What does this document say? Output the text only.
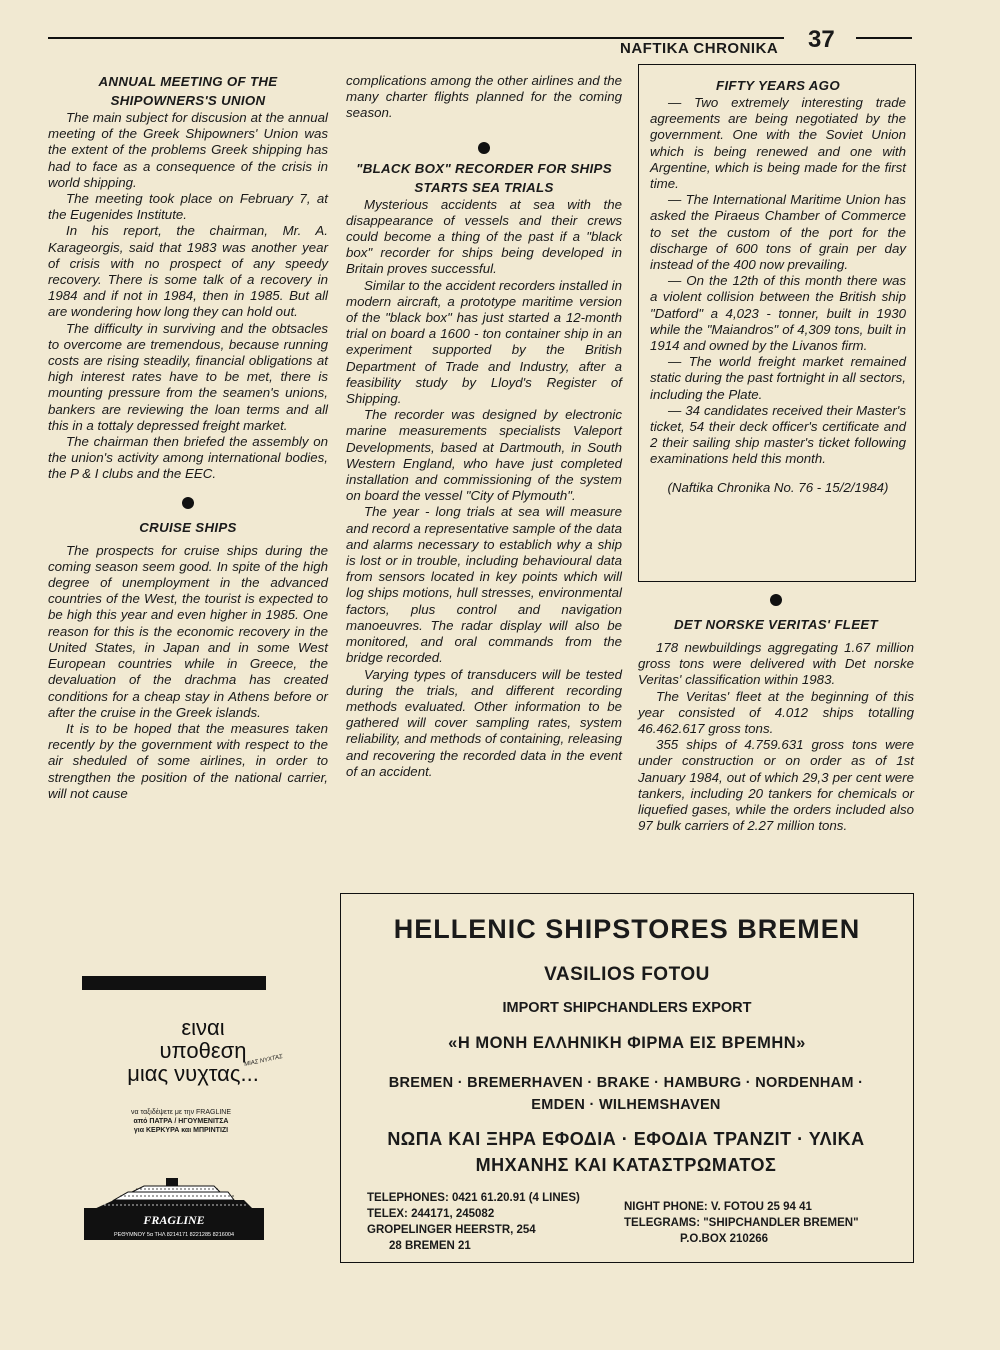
NAFTIKA CHRONIKA 37

ANNUAL MEETING OF THE

SHIPOWNERS'S UNION

The main subject for discusion at the annual meeting of the Greek Shipowners' Union was the extent of the problems Greek shipping has had to face as a consequence of the crisis in world shipping.

The meeting took place on February 7, at the Eugenides Institute.

In his report, the chairman, Mr. A. Karageorgis, said that 1983 was another year of crisis with no prospect of any speedy recovery. There is some talk of a recovery in 1984 and if not in 1984, then in 1985. But all are wondering how long they can hold out.

The difficulty in surviving and the obtsacles to overcome are tremendous, because running costs are rising steadily, financial obligations at high interest rates have to be met, there is mounting pressure from the seamen's unions, bankers are reviewing the loan terms and all this in a tottaly depressed freight market.

The chairman then briefed the assembly on the union's activity among international bodies, the P & I clubs and the EEC.

CRUISE SHIPS

The prospects for cruise ships during the coming season seem good. In spite of the high degree of unemployment in the advanced countries of the West, the tourist is expected to be high this year and even higher in 1985. One reason for this is the economic recovery in the United States, in Japan and in some West European countries while in Greece, the devaluation of the drachma has created conditions for a cheap stay in Athens before or after the cruise in the Greek islands.

It is to be hoped that the measures taken recently by the government with respect to the air sheduled of some airlines, in order to strengthen the position of the national carrier, will not cause

complications among the other airlines and the many charter flights planned for the coming season.

"BLACK BOX" RECORDER FOR SHIPS

STARTS SEA TRIALS

Mysterious accidents at sea with the disappearance of vessels and their crews could become a thing of the past if a "black box" recorder for ships being developed in Britain proves successful.

Similar to the accident recorders installed in modern aircraft, a prototype maritime version of the "black box" has just started a 12-month trial on board a 1600 - ton container ship in an experiment supported by the British Department of Trade and Industry, after a feasibility study by Lloyd's Register of Shipping.

The recorder was designed by electronic marine measurements specialists Valeport Developments, based at Dartmouth, in South Western England, who have just completed installation and commissioning of the system on board the vessel "City of Plymouth".

The year - long trials at sea will measure and record a representative sample of the data and alarms necessary to establich why a ship is lost or in trouble, including behavioural data from sensors located in key points which will log ships motions, hull stresses, environmental factors, plus control and navigation manoeuvres. The radar display will also be monitored, and oral commands from the bridge recorded.

Varying types of transducers will be tested during the trials, and different recording methods evaluated. Other information to be gathered will cover sampling rates, system reliability, and methods of containing, releasing and recovering the recorded data in the event of an accident.

FIFTY YEARS AGO

— Two extremely interesting trade agreements are being negotiated by the government. One with the Soviet Union which is being renewed and one with Argentine, which is being made for the first time.

— The International Maritime Union has asked the Piraeus Chamber of Commerce to set the custom of the port for the discharge of 600 tons of grain per day instead of the 400 now prevailing.

— On the 12th of this month there was a violent collision between the British ship "Datford" a 4,023 - tonner, built in 1930 while the "Maiandros" of 4,309 tons, built in 1914 and owned by the Livanos firm.

— The world freight market remained static during the past fortnight in all sectors, including the Plate.

— 34 candidates received their Master's ticket, 54 their deck officer's certificate and 2 their sailing ship master's ticket following examinations held this month.

(Naftika Chronika No. 76 - 15/2/1984)

DET NORSKE VERITAS' FLEET

178 newbuildings aggregating 1.67 million gross tons were delivered with Det norske Veritas' classification within 1983.

The Veritas' fleet at the beginning of this year consisted of 4.012 ships totalling 46.462.617 gross tons.

355 ships of 4.759.631 gross tons were under construction or on order as of 1st January 1984, out of which 29,3 per cent were tankers, including 20 tankers for chemicals or liquefied gases, while the orders included also 97 bulk carriers of 2.27 million tons.

HELLENIC SHIPSTORES BREMEN
VASILIOS FOTOU
IMPORT SHIPCHANDLERS EXPORT
«Η ΜΟΝΗ ΕΛΛΗΝΙΚΗ ΦΙΡΜΑ ΕΙΣ ΒΡΕΜΗΝ»
BREMEN · BREMERHAVEN · BRAKE · HAMBURG · NORDENHAM ·
EMDEN · WILHEMSHAVEN
ΝΩΠΑ ΚΑΙ ΞΗΡΑ ΕΦΟΔΙΑ · ΕΦΟΔΙΑ ΤΡΑΝΖΙΤ · ΥΛΙΚΑ
ΜΗΧΑΝΗΣ ΚΑΙ ΚΑΤΑΣΤΡΩΜΑΤΟΣ
TELEPHONES: 0421 61.20.91 (4 LINES)
TELEX: 244171, 245082
GROPELINGER HEERSTR, 254
28 BREMEN 21
NIGHT PHONE: V. FOTOU 25 94 41
TELEGRAMS: "SHIPCHANDLER BREMEN"
P.O.BOX 210266
ειναι
υποθεση
μιας νυχτας...
ΜΙΑΣ ΝΥΧΤΑΣ
να ταξιδέψετε με την FRAGLINE
από ΠΑΤΡΑ / ΗΓΟΥΜΕΝΙΤΣΑ
για ΚΕΡΚΥΡΑ και ΜΠΡΙΝΤΙΖΙ
FRAGLINE
ΡΕΘΥΜΝΟΥ 5α ΤΗΛ 8214171 8221285 8216004
